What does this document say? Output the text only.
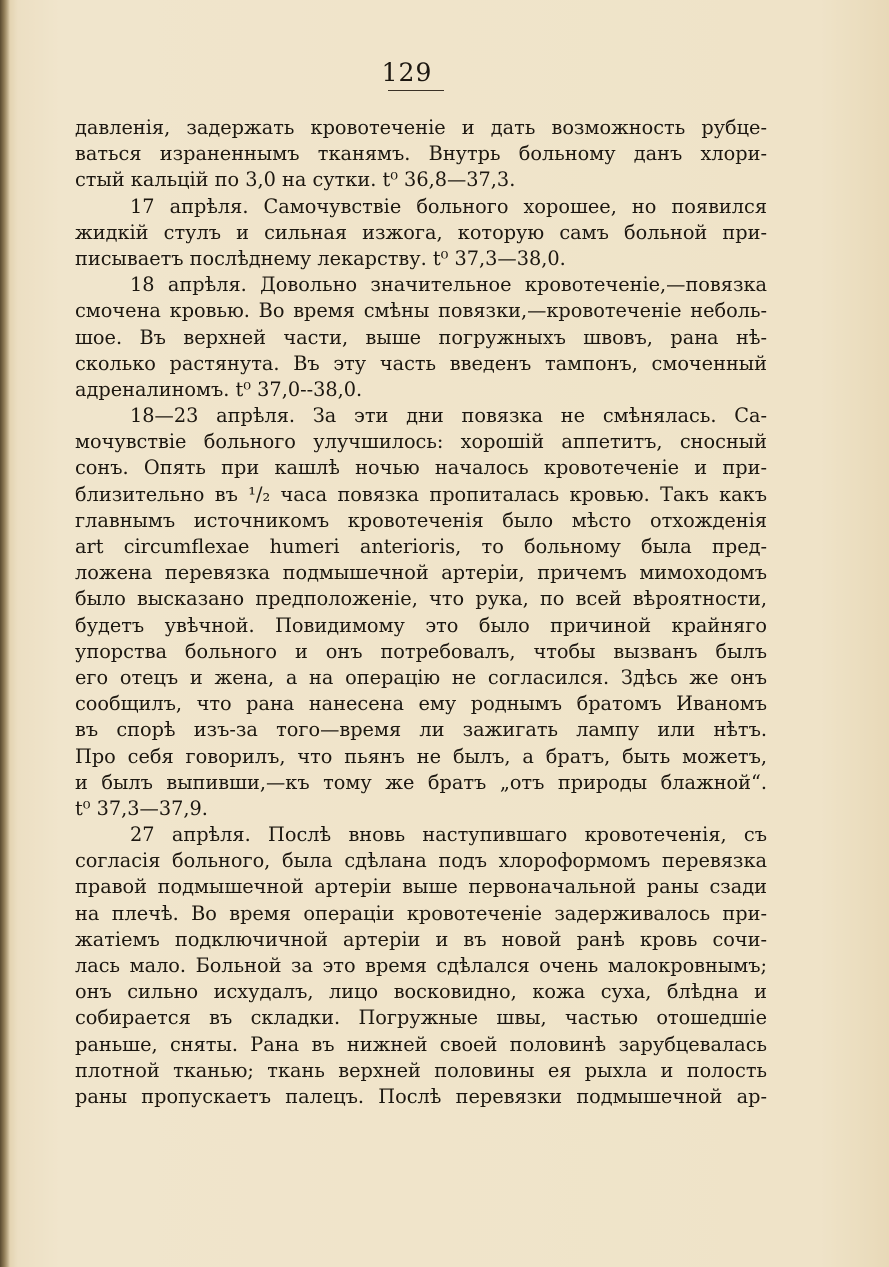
129
давленія, задержать кровотеченіе и дать возможность рубце-
ваться израненнымъ тканямъ. Внутрь больному данъ хлори-
стый кальцій по 3,0 на сутки. t⁰ 36,8—37,3.
17 апрѣля. Самочувствіе больного хорошее, но появился
жидкій стулъ и сильная изжога, которую самъ больной при-
писываетъ послѣднему лекарству. t⁰ 37,3—38,0.
18 апрѣля. Довольно значительное кровотеченіе,—повязка
смочена кровью. Во время смѣны повязки,—кровотеченіе неболь-
шое. Въ верхней части, выше погружныхъ швовъ, рана нѣ-
сколько растянута. Въ эту часть введенъ тампонъ, смоченный
адреналиномъ. t⁰ 37,0--38,0.
18—23 апрѣля. За эти дни повязка не смѣнялась. Са-
мочувствіе больного улучшилось: хорошій аппетитъ, сносный
сонъ. Опять при кашлѣ ночью началось кровотеченіе и при-
близительно въ ¹/₂ часа повязка пропиталась кровью. Такъ какъ
главнымъ источникомъ кровотеченія было мѣсто отхожденія
art circumflexae humeri anterioris, то больному была пред-
ложена перевязка подмышечной артеріи, причемъ мимоходомъ
было высказано предположеніе, что рука, по всей вѣроятности,
будетъ увѣчной. Повидимому это было причиной крайняго
упорства больного и онъ потребовалъ, чтобы вызванъ былъ
его отецъ и жена, а на операцію не согласился. Здѣсь же онъ
сообщилъ, что рана нанесена ему роднымъ братомъ Иваномъ
въ спорѣ изъ-за того—время ли зажигать лампу или нѣтъ.
Про себя говорилъ, что пьянъ не былъ, а братъ, быть можетъ,
и былъ выпивши,—къ тому же братъ „отъ природы блажной“.
t⁰ 37,3—37,9.
27 апрѣля. Послѣ вновь наступившаго кровотеченія, съ
согласія больного, была сдѣлана подъ хлороформомъ перевязка
правой подмышечной артеріи выше первоначальной раны сзади
на плечѣ. Во время операціи кровотеченіе задерживалось при-
жатіемъ подключичной артеріи и въ новой ранѣ кровь сочи-
лась мало. Больной за это время сдѣлался очень малокровнымъ;
онъ сильно исхудалъ, лицо восковидно, кожа суха, блѣдна и
собирается въ складки. Погружные швы, частью отошедшіе
раньше, сняты. Рана въ нижней своей половинѣ зарубцевалась
плотной тканью; ткань верхней половины ея рыхла и полость
раны пропускаетъ палецъ. Послѣ перевязки подмышечной ар-
